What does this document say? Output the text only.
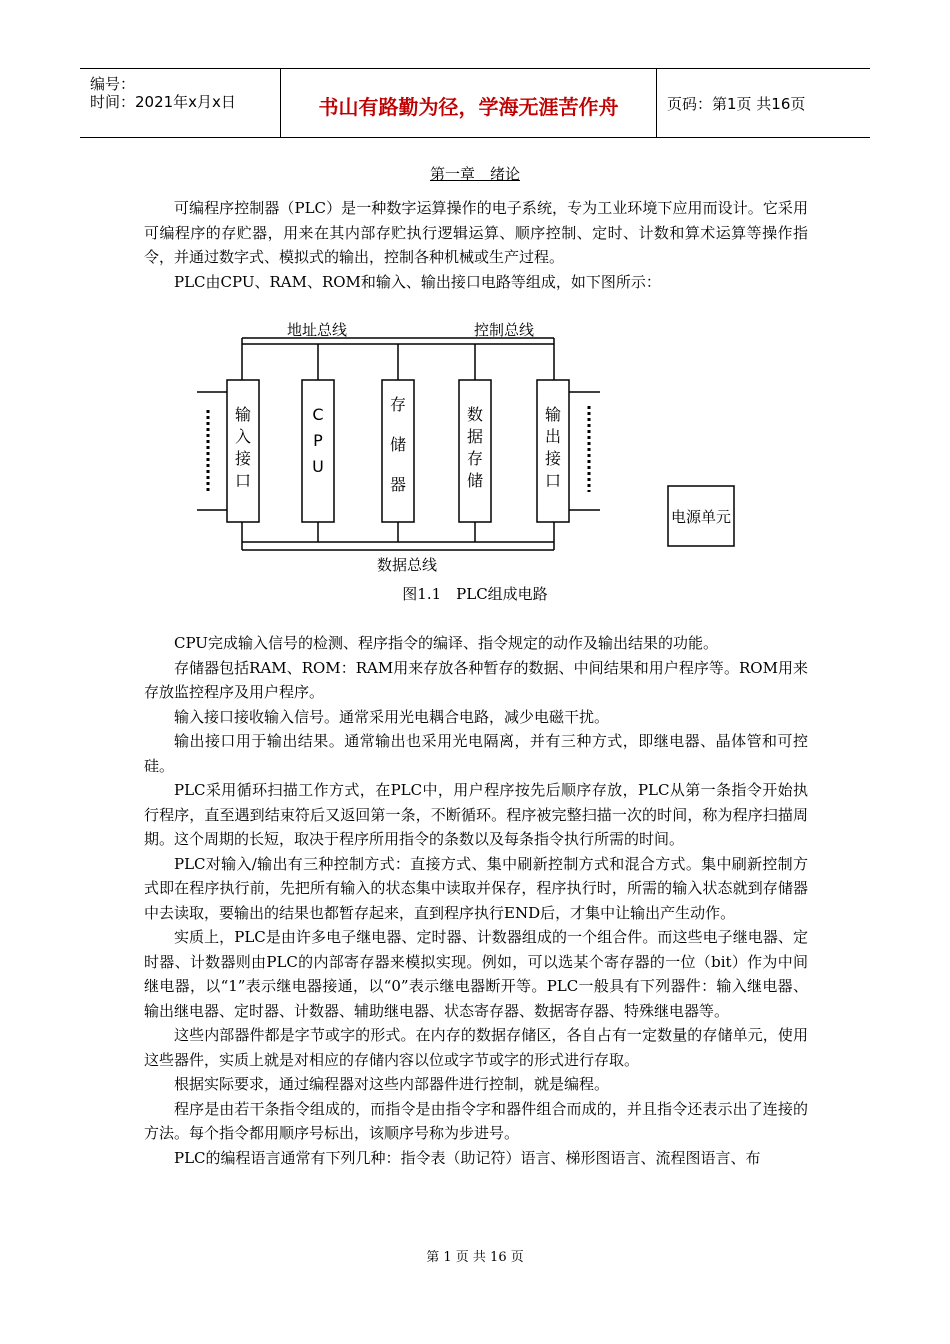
编号：
时间：2021年x月x日	书山有路勤为径，学海无涯苦作舟	页码：第1页 共16页
第一章　绪论

可编程序控制器（PLC）是一种数字运算操作的电子系统，专为工业环境下应用而设计。它采用可编程序的存贮器，用来在其内部存贮执行逻辑运算、顺序控制、定时、计数和算术运算等操作指令，并通过数字式、模拟式的输出，控制各种机械或生产过程。

PLC由CPU、RAM、ROM和输入、输出接口电路等组成，如下图所示：

地址总线	控制总线
数据总线
输入接口
C P U
存储器
数据存储
输出接口
电源单元
图1.1　PLC组成电路

CPU完成输入信号的检测、程序指令的编译、指令规定的动作及输出结果的功能。

存储器包括RAM、ROM：RAM用来存放各种暂存的数据、中间结果和用户程序等。ROM用来存放监控程序及用户程序。

输入接口接收输入信号。通常采用光电耦合电路，减少电磁干扰。

输出接口用于输出结果。通常输出也采用光电隔离，并有三种方式，即继电器、晶体管和可控硅。

PLC采用循环扫描工作方式，在PLC中，用户程序按先后顺序存放，PLC从第一条指令开始执行程序，直至遇到结束符后又返回第一条，不断循环。程序被完整扫描一次的时间，称为程序扫描周期。这个周期的长短，取决于程序所用指令的条数以及每条指令执行所需的时间。

PLC对输入/输出有三种控制方式：直接方式、集中刷新控制方式和混合方式。集中刷新控制方式即在程序执行前，先把所有输入的状态集中读取并保存，程序执行时，所需的输入状态就到存储器中去读取，要输出的结果也都暂存起来，直到程序执行END后，才集中让输出产生动作。

实质上，PLC是由许多电子继电器、定时器、计数器组成的一个组合件。而这些电子继电器、定时器、计数器则由PLC的内部寄存器来模拟实现。例如，可以选某个寄存器的一位（bit）作为中间继电器，以“1”表示继电器接通，以“0”表示继电器断开等。PLC一般具有下列器件：输入继电器、输出继电器、定时器、计数器、辅助继电器、状态寄存器、数据寄存器、特殊继电器等。

这些内部器件都是字节或字的形式。在内存的数据存储区，各自占有一定数量的存储单元，使用这些器件，实质上就是对相应的存储内容以位或字节或字的形式进行存取。

根据实际要求，通过编程器对这些内部器件进行控制，就是编程。

程序是由若干条指令组成的，而指令是由指令字和器件组合而成的，并且指令还表示出了连接的方法。每个指令都用顺序号标出，该顺序号称为步进号。

PLC的编程语言通常有下列几种：指令表（助记符）语言、梯形图语言、流程图语言、布

第 1 页 共 16 页
